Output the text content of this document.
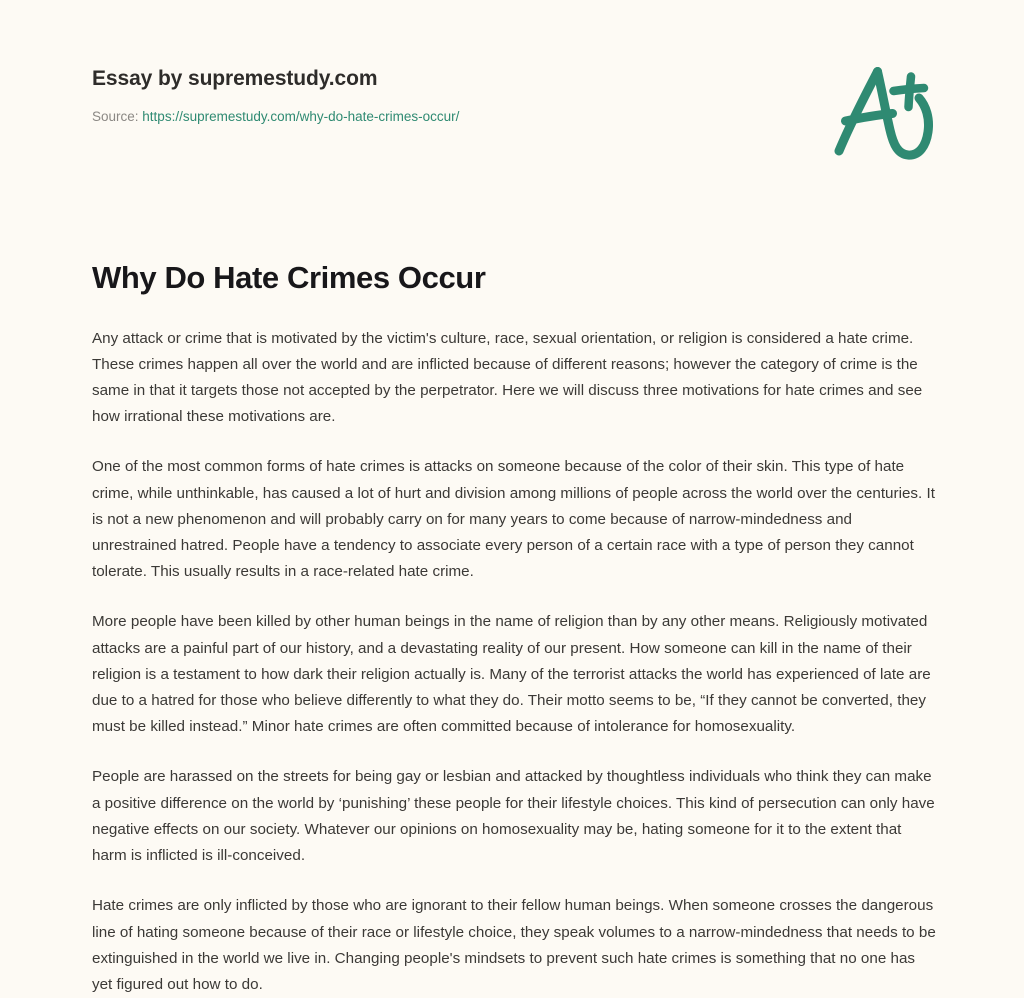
Essay by supremestudy.com
Source: https://supremestudy.com/why-do-hate-crimes-occur/
Why Do Hate Crimes Occur

Any attack or crime that is motivated by the victim's culture, race, sexual orientation, or religion is considered a hate crime. These crimes happen all over the world and are inflicted because of different reasons; however the category of crime is the same in that it targets those not accepted by the perpetrator. Here we will discuss three motivations for hate crimes and see how irrational these motivations are.

One of the most common forms of hate crimes is attacks on someone because of the color of their skin. This type of hate crime, while unthinkable, has caused a lot of hurt and division among millions of people across the world over the centuries. It is not a new phenomenon and will probably carry on for many years to come because of narrow-mindedness and unrestrained hatred. People have a tendency to associate every person of a certain race with a type of person they cannot tolerate. This usually results in a race-related hate crime.

More people have been killed by other human beings in the name of religion than by any other means. Religiously motivated attacks are a painful part of our history, and a devastating reality of our present. How someone can kill in the name of their religion is a testament to how dark their religion actually is. Many of the terrorist attacks the world has experienced of late are due to a hatred for those who believe differently to what they do. Their motto seems to be, “If they cannot be converted, they must be killed instead.” Minor hate crimes are often committed because of intolerance for homosexuality.

People are harassed on the streets for being gay or lesbian and attacked by thoughtless individuals who think they can make a positive difference on the world by ‘punishing’ these people for their lifestyle choices. This kind of persecution can only have negative effects on our society. Whatever our opinions on homosexuality may be, hating someone for it to the extent that harm is inflicted is ill-conceived.

Hate crimes are only inflicted by those who are ignorant to their fellow human beings. When someone crosses the dangerous line of hating someone because of their race or lifestyle choice, they speak volumes to a narrow-mindedness that needs to be extinguished in the world we live in. Changing people's mindsets to prevent such hate crimes is something that no one has yet figured out how to do.
